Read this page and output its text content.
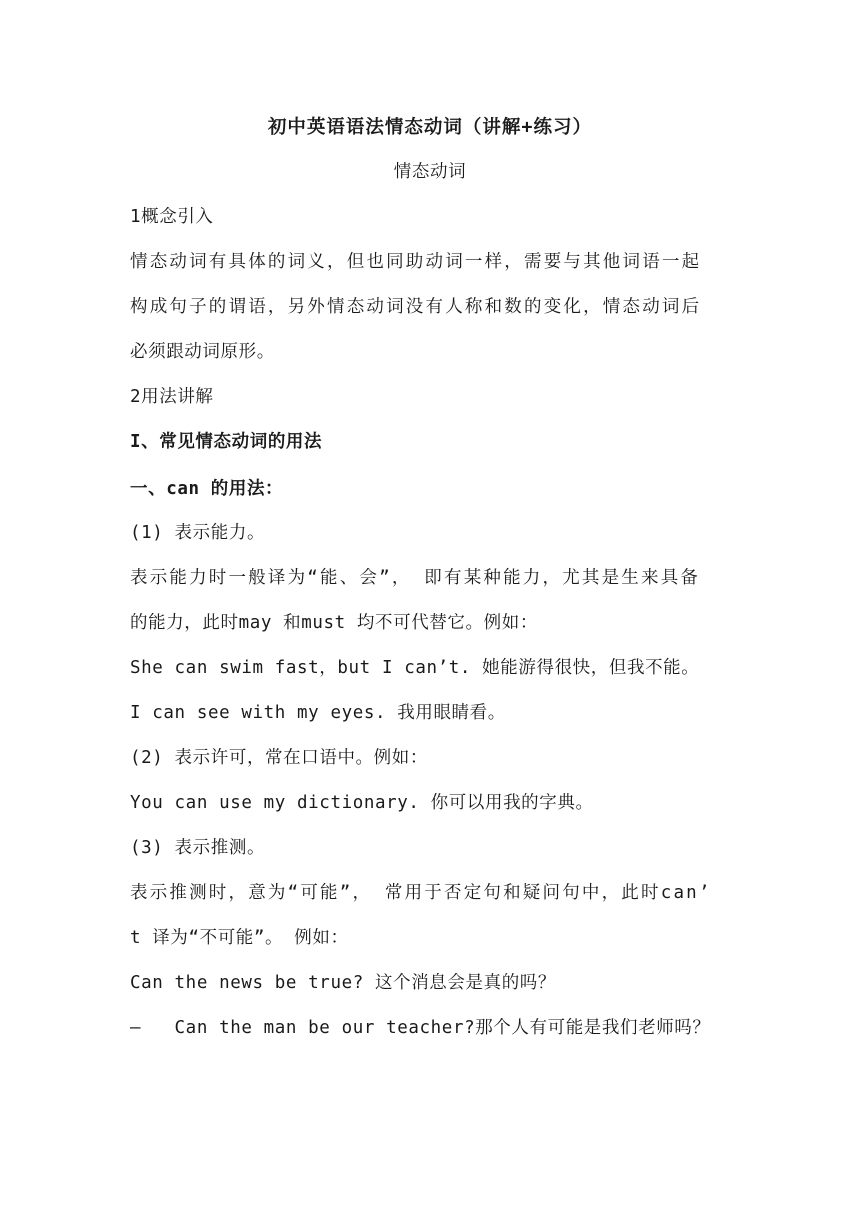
初中英语语法情态动词（讲解+练习）
情态动词
1概念引入
情态动词有具体的词义，但也同助动词一样，需要与其他词语一起
构成句子的谓语，另外情态动词没有人称和数的变化，情态动词后
必须跟动词原形。
2用法讲解
I、常见情态动词的用法
一、can 的用法：
(1) 表示能力。
表示能力时一般译为“能、会”， 即有某种能力，尤其是生来具备
的能力，此时may 和must 均不可代替它。例如：
She can swim fast，but I can’t. 她能游得很快，但我不能。
I can see with my eyes. 我用眼睛看。
(2) 表示许可，常在口语中。例如：
You can use my dictionary. 你可以用我的字典。
(3) 表示推测。
表示推测时，意为“可能”， 常用于否定句和疑问句中，此时can’
t 译为“不可能”。 例如：
Can the news be true? 这个消息会是真的吗？
—   Can the man be our teacher?那个人有可能是我们老师吗？
